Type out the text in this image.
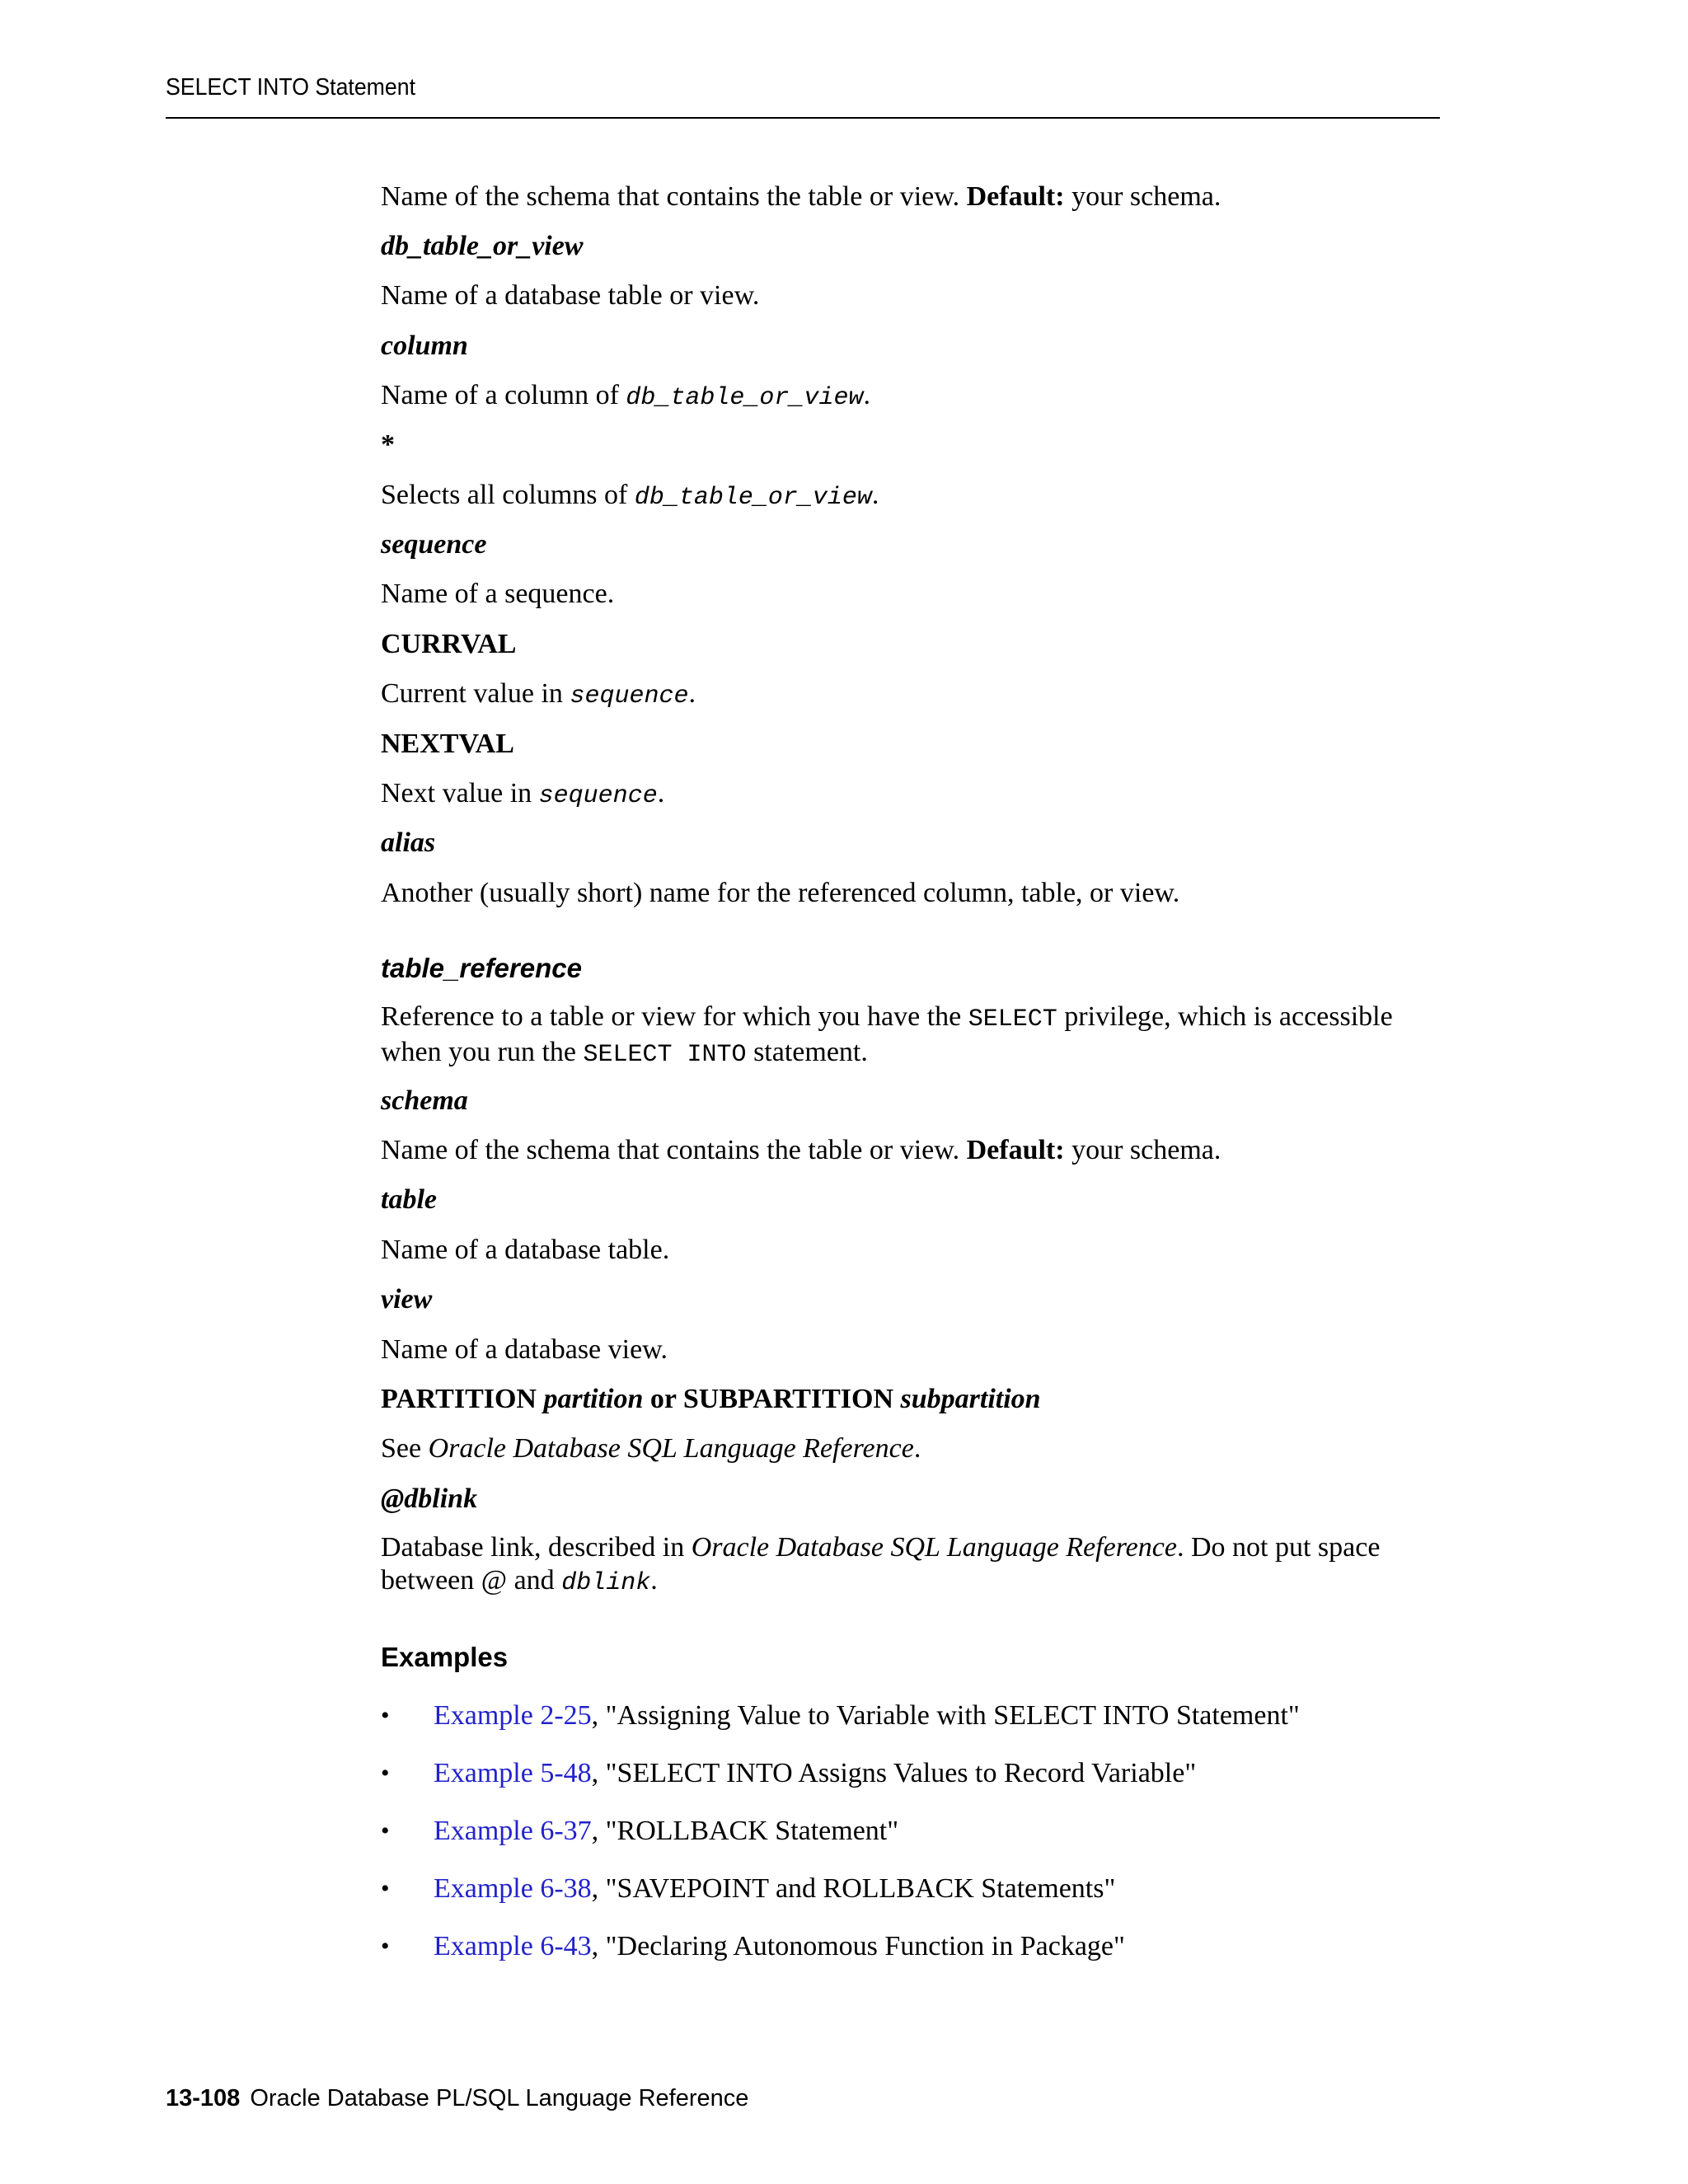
SELECT INTO Statement

Name of the schema that contains the table or view. Default: your schema.

db_table_or_view

Name of a database table or view.

column

Name of a column of db_table_or_view.

*

Selects all columns of db_table_or_view.

sequence

Name of a sequence.

CURRVAL

Current value in sequence.

NEXTVAL

Next value in sequence.

alias

Another (usually short) name for the referenced column, table, or view.

table_reference

Reference to a table or view for which you have the SELECT privilege, which is accessible when you run the SELECT INTO statement.

schema

Name of the schema that contains the table or view. Default: your schema.

table

Name of a database table.

view

Name of a database view.

PARTITION partition or SUBPARTITION subpartition

See Oracle Database SQL Language Reference.

@dblink

Database link, described in Oracle Database SQL Language Reference. Do not put space between @ and dblink.

Examples
• Example 2-25, "Assigning Value to Variable with SELECT INTO Statement"
• Example 5-48, "SELECT INTO Assigns Values to Record Variable"
• Example 6-37, "ROLLBACK Statement"
• Example 6-38, "SAVEPOINT and ROLLBACK Statements"
• Example 6-43, "Declaring Autonomous Function in Package"
13-108 Oracle Database PL/SQL Language Reference
